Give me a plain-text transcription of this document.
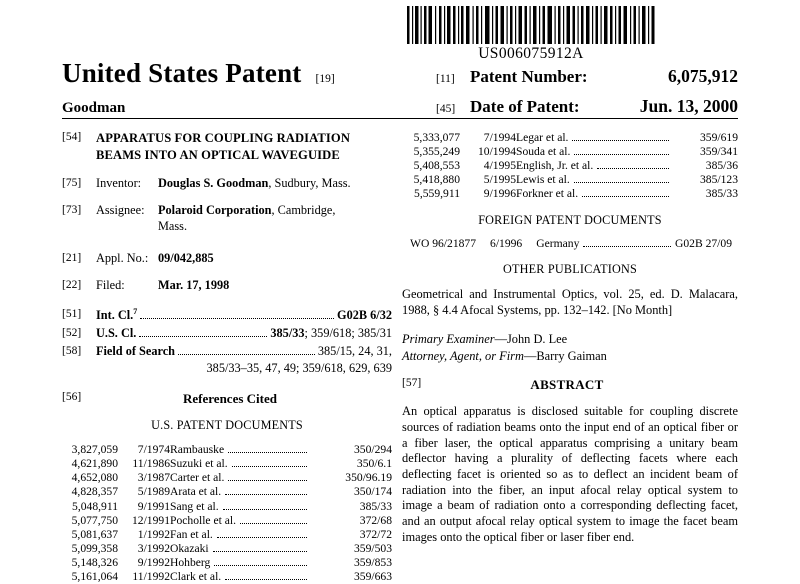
US006075912A
United States Patent [19]	[11] Patent Number:	6,075,912
Goodman	[45] Date of Patent:	Jun. 13, 2000
[54]	APPARATUS FOR COUPLING RADIATION
BEAMS INTO AN OPTICAL WAVEGUIDE
[75]	Inventor: Douglas S. Goodman, Sudbury, Mass.
[73]	Assignee:	Polaroid Corporation, Cambridge,
Mass.
[21]	Appl. No.: 09/042,885
[22]	Filed:	Mar. 17, 1998
[51]	Int. Cl.$^7$	G02B 6/32
[52]	U.S. Cl.	385/33; 359/618; 385/31
[58]	Field of Search	385/15, 24, 31,
385/33–35, 47, 49; 359/618, 629, 639
[56]	References Cited
U.S. PATENT DOCUMENTS
3,827,059	7/1974	Rambauske	350/294
4,621,890	11/1986	Suzuki et al.	350/6.1
4,652,080	3/1987	Carter et al.	350/96.19
4,828,357	5/1989	Arata et al.	350/174
5,048,911	9/1991	Sang et al.	385/33
5,077,750	12/1991	Pocholle et al.	372/68
5,081,637	1/1992	Fan et al.	372/72
5,099,358	3/1992	Okazaki	359/503
5,148,326	9/1992	Hohberg	359/853
5,161,064	11/1992	Clark et al.	359/663
5,333,077	7/1994	Legar et al.	359/619
5,355,249	10/1994	Souda et al.	359/341
5,408,553	4/1995	English, Jr. et al.	385/36
5,418,880	5/1995	Lewis et al.	385/123
5,559,911	9/1996	Forkner et al.	385/33
FOREIGN PATENT DOCUMENTS
WO 96/21877	6/1996	Germany	G02B 27/09
OTHER PUBLICATIONS
Geometrical and Instrumental Optics, vol. 25, ed. D. Malacara, 1988, § 4.4 Afocal Systems, pp. 132–142. [No Month]
Primary Examiner—John D. Lee
Attorney, Agent, or Firm—Barry Gaiman
[57]	ABSTRACT
An optical apparatus is disclosed suitable for coupling discrete sources of radiation beams onto the input end of an optical fiber or a fiber laser, the optical apparatus comprising a unitary beam deflector having a plurality of deflecting facets where each deflecting facet is oriented so as to deflect an incident beam of radiation into the fiber, an input afocal relay optical system to image a beam of radiation onto a corresponding deflecting facet, and an output afocal relay optical system to image the facet beam images onto the optical fiber or laser fiber end.
